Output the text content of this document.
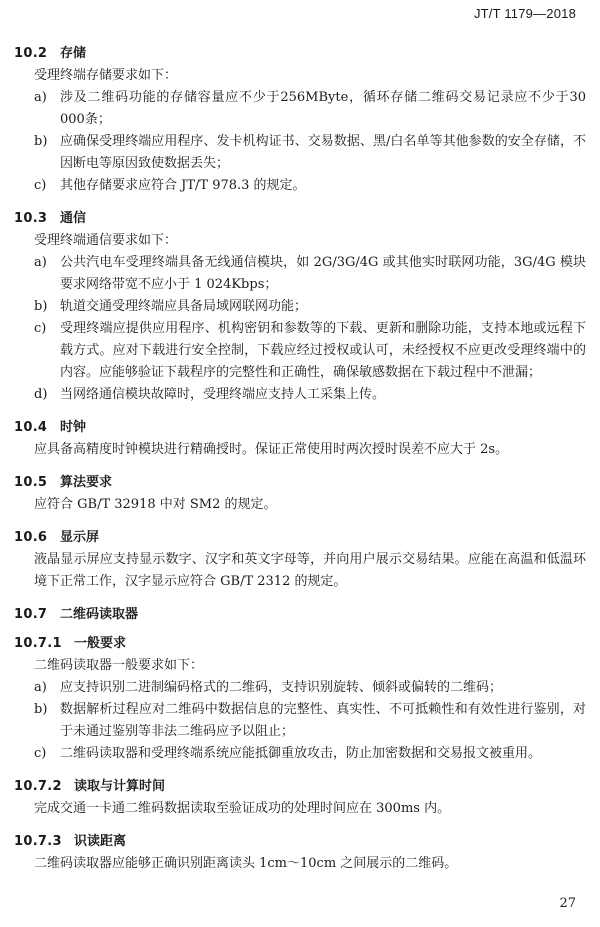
JT/T 1179—2018
10.2 存储

受理终端存储要求如下：

a)	涉及二维码功能的存储容量应不少于256MByte，循环存储二维码交易记录应不少于30 000条；
b) 应确保受理终端应用程序、发卡机构证书、交易数据、黑/白名单等其他参数的安全存储，不因断电等原因致使数据丢失；
c)	其他存储要求应符合 JT/T 978.3 的规定。
10.3 通信

受理终端通信要求如下：

a)	公共汽电车受理终端具备无线通信模块，如 2G/3G/4G 或其他实时联网功能，3G/4G 模块要求网络带宽不应小于 1 024Kbps；
b) 轨道交通受理终端应具备局域网联网功能；
c)	受理终端应提供应用程序、机构密钥和参数等的下载、更新和删除功能，支持本地或远程下载方式。应对下载进行安全控制，下载应经过授权或认可，未经授权不应更改受理终端中的内容。应能够验证下载程序的完整性和正确性，确保敏感数据在下载过程中不泄漏；
d) 当网络通信模块故障时，受理终端应支持人工采集上传。
10.4 时钟

应具备高精度时钟模块进行精确授时。保证正常使用时两次授时误差不应大于 2s。

10.5 算法要求

应符合 GB/T 32918 中对 SM2 的规定。

10.6 显示屏

液晶显示屏应支持显示数字、汉字和英文字母等，并向用户展示交易结果。应能在高温和低温环境下正常工作，汉字显示应符合 GB/T 2312 的规定。

10.7 二维码读取器
10.7.1 一般要求

二维码读取器一般要求如下：

a)	应支持识别二进制编码格式的二维码，支持识别旋转、倾斜或偏转的二维码；
b) 数据解析过程应对二维码中数据信息的完整性、真实性、不可抵赖性和有效性进行鉴别，对于未通过鉴别等非法二维码应予以阻止；
c)	二维码读取器和受理终端系统应能抵御重放攻击，防止加密数据和交易报文被重用。
10.7.2 读取与计算时间

完成交通一卡通二维码数据读取至验证成功的处理时间应在 300ms 内。

10.7.3 识读距离

二维码读取器应能够正确识别距离读头 1cm～10cm 之间展示的二维码。

27
